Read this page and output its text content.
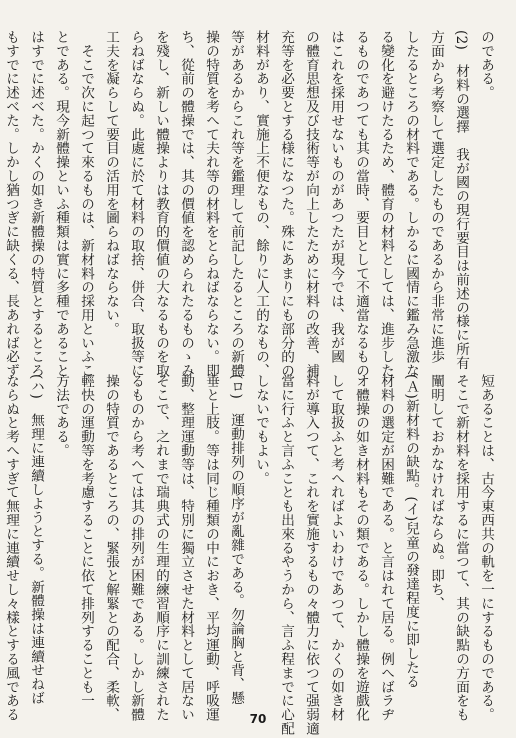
のである。
(2)　材料の選擇　我が國の現行要目は前述の様に所有
方面から考察して選定したものであるから非常に進歩
したるところの材料である。しかるに國情に鑑み急激な
る變化を避けたるため、體育の材料としては、進步した
るものであつても其の當時、要目として不適當なるもの
はこれを採用せないものがあつたが現今では、我が國
の體育思想及び技術等が向上したために材料の改善、補
充等を必要とする様になつた。殊にあまりにも部分的の
材料があり、實施上不便なもの、餘りに人工的なもの、
等があるからこれ等を鑑理して前記したるところの新體
操の特質を考へて夫れ等の材料をとらねばならない。即
ち、從前の體操では、其の價値を認められたるものゝみ
を殘し、新しい體操よりは教育的價値の大なるものを取
らねばならぬ。此處に於て材料の取捨、併合、取扱等に
工夫を凝らして要目の活用を圖らねばならない。
　そこで次に起つて來るものは、新材料の採用といふこ
とである。現今新體操といふ種類は實に多種であること
はすでに述べた。かくの如き新體操の特質とするところ
もすでに述べた。しかし猶つぎに缺くる、長あれば必ず
短あることは、古今東西共の軌を一にするものである。
そこで新材料を採用するに當つて、其の缺點の方面をも
闡明しておかなければならぬ。即ち、
(Ａ)新材料の缺點。(イ)兒童の發達程度に即したる
材料の選定が困難である。と言はれて居る。例へばラヂ
オ體操の如き材料もその類である。しかし體操を遊戲化
して取扱ふと考へればよいわけであつて、かくの如き材
料が導入つて、これを實施するもの々體力に依つて强弱適
當に行ふと言ふことも出來るやうから、言ふ程までに心配
しないでもよい。
(ロ)　運動排列の順序が亂雜である。勿論胸と背、懸
垂と上肢。等は同じ種類の中におき、平均運動、呼吸運
動、整理運動等は、特別に獨立させた材料として居ない
そこで、之れまで瑞典式の生理的練習順序に訓練された
るものから考へては其の排列が困難である。しかし新體
操の特質であるところの、緊張と解緊との配合、柔軟、
輕快の運動等を考慮することに依て排列することも一
方法である。
(ハ)　無理に連續しようとする。新體操は連續せねば
ならぬと考へすぎて無理に連續せし々樣とする風である	70
